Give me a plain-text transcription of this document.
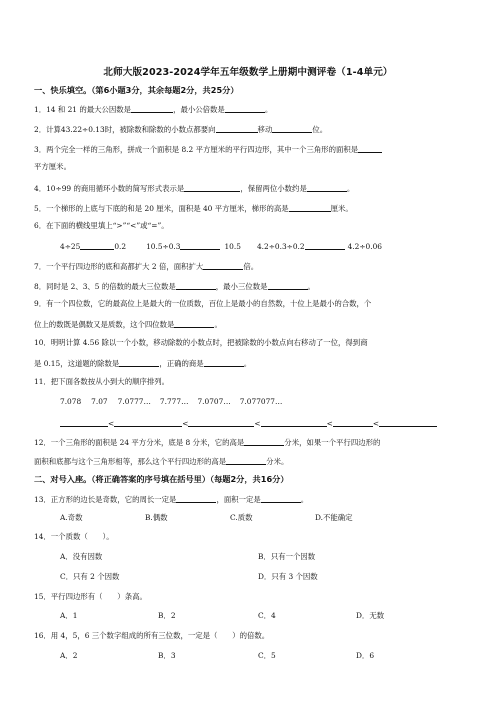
北师大版2023-2024学年五年级数学上册期中测评卷（1-4单元）
一、快乐填空。（第6小题3分，其余每题2分，共25分）
1．14 和 21 的最大公因数是	，最小公倍数是	。
2．计算43.22÷0.13时，被除数和除数的小数点都要向	移动	位。
3．两个完全一样的三角形，拼成一个面积是 8.2 平方厘米的平行四边形，其中一个三角形的面积是
平方厘米。
4．10÷99 的商用循环小数的简写形式表示是	，保留两位小数约是	。
5．一个梯形的上底与下底的和是 20 厘米，面积是 40 平方厘米，梯形的高是	厘米。
6．在下面的横线里填上“>”“<”或“=”。
4÷25	0.2	10.5÷0.3	10.5 4.2÷0.3÷0.2	4.2÷0.06
7．一个平行四边形的底和高都扩大 2 倍，面积扩大	倍。
8．同时是 2、3、5 的倍数的最大三位数是	，最小三位数是	。
9．有一个四位数，它的最高位上是最大的一位质数，百位上是最小的自然数，十位上是最小的合数，个
位上的数既是偶数又是质数，这个四位数是	。
10．明明计算 4.56 除以一个小数，移动除数的小数点时，把被除数的小数点向右移动了一位，得到商
是 0.15，这道题的除数是	，正确的商是	。
11．把下面各数按从小到大的顺序排列。
7.078 7.07 7.0777… 7.777… 7.0707… 7.077077…
<	<	<	<	<
12．一个三角形的面积是 24 平方分米，底是 8 分米，它的高是	分米，如果一个平行四边形的
面积和底都与这个三角形相等，那么这个平行四边形的高是	分米。
二、对号入座。（将正确答案的序号填在括号里）（每题2分，共16分）
13．正方形的边长是奇数，它的周长一定是	，面积一定是	。
A.奇数	B.偶数	C.质数	D.不能确定
14．一个质数（　　）。
A．没有因数	B．只有一个因数
C．只有 2 个因数	D．只有 3 个因数
15．平行四边形有（　　）条高。
A．1	B．2	C．4	D．无数
16．用 4，5，6 三个数字组成的所有三位数，一定是（　　）的倍数。
A．2	B．3	C．5	D．6
